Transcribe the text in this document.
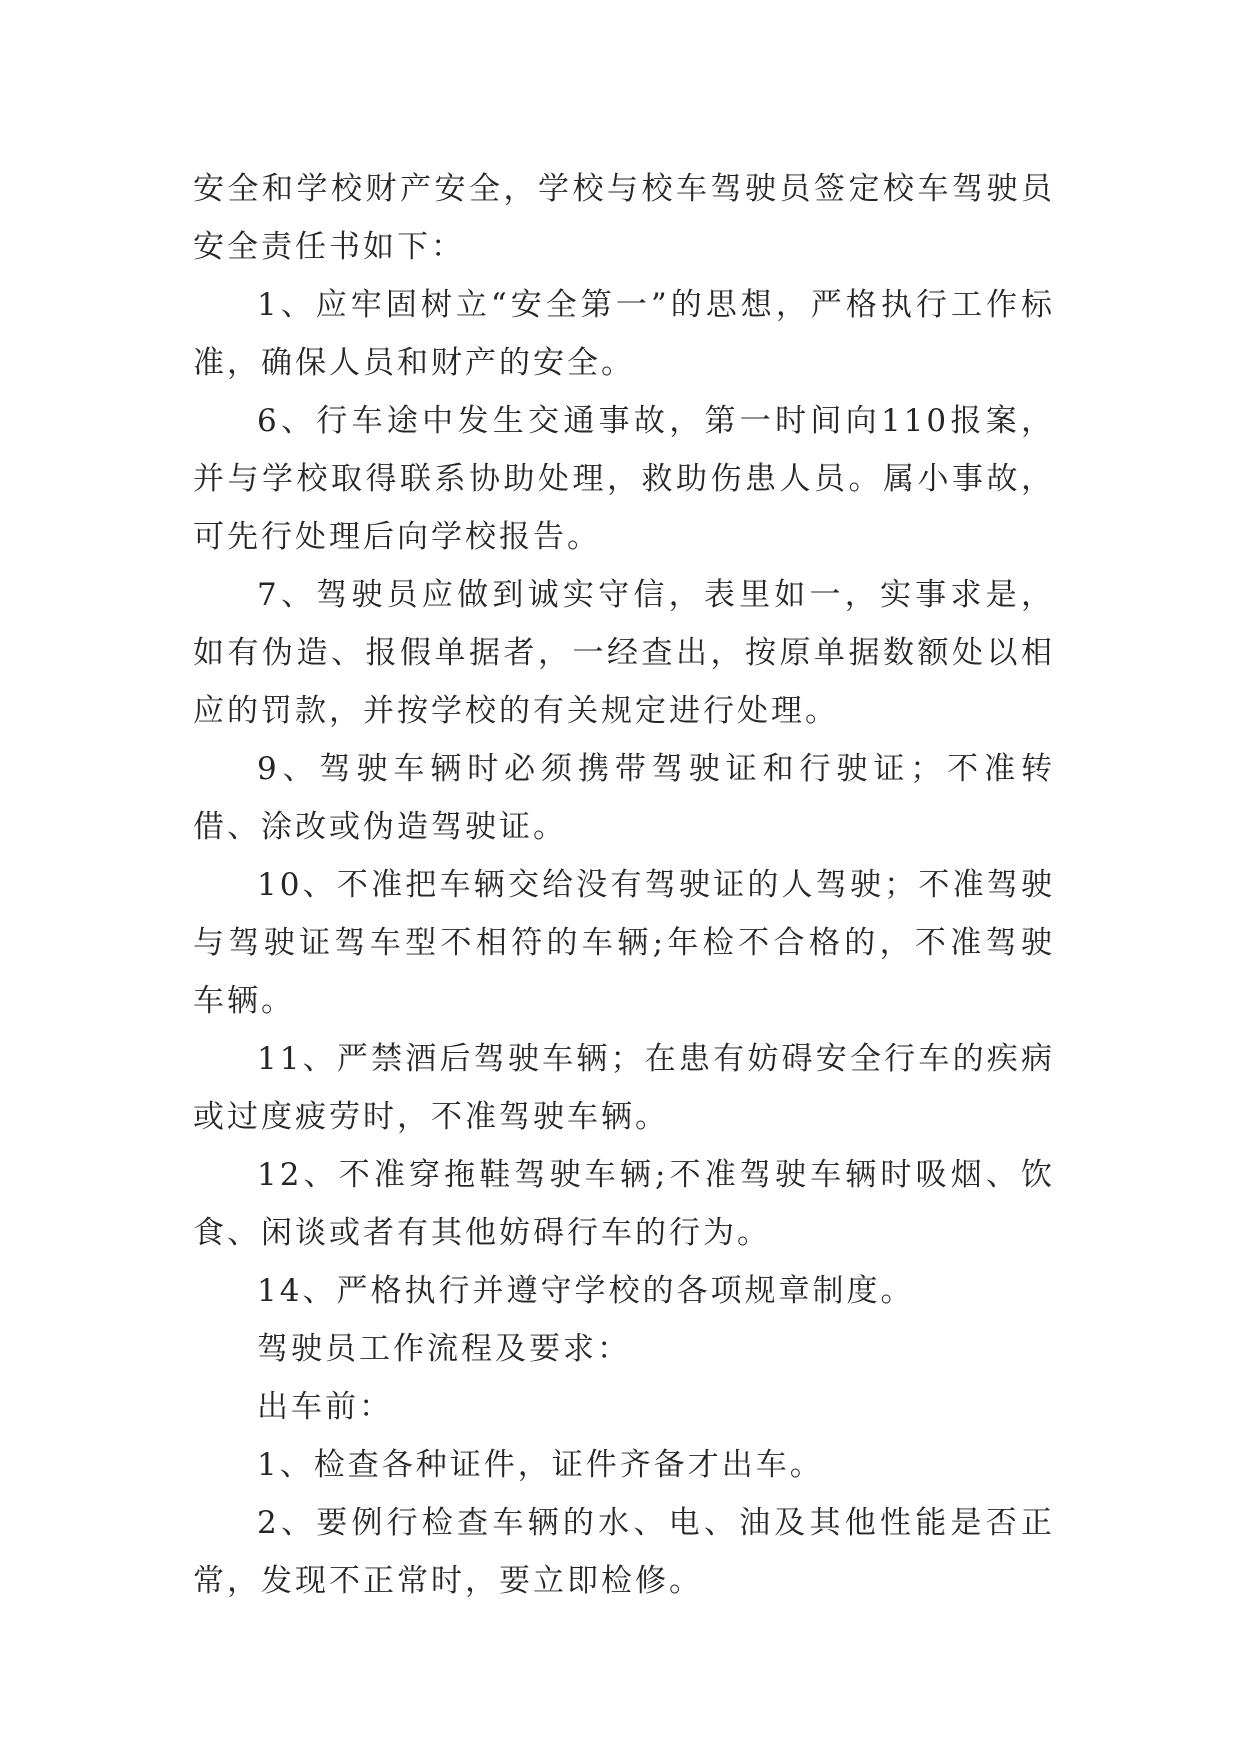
安全和学校财产安全，学校与校车驾驶员签定校车驾驶员安全责任书如下：

1、应牢固树立“安全第一”的思想，严格执行工作标准，确保人员和财产的安全。

6、行车途中发生交通事故，第一时间向110报案，并与学校取得联系协助处理，救助伤患人员。属小事故，可先行处理后向学校报告。

7、驾驶员应做到诚实守信，表里如一，实事求是，如有伪造、报假单据者，一经查出，按原单据数额处以相应的罚款，并按学校的有关规定进行处理。

9、驾驶车辆时必须携带驾驶证和行驶证；不准转借、涂改或伪造驾驶证。

10、不准把车辆交给没有驾驶证的人驾驶；不准驾驶与驾驶证驾车型不相符的车辆;年检不合格的，不准驾驶车辆。

11、严禁酒后驾驶车辆；在患有妨碍安全行车的疾病或过度疲劳时，不准驾驶车辆。

12、不准穿拖鞋驾驶车辆;不准驾驶车辆时吸烟、饮食、闲谈或者有其他妨碍行车的行为。

14、严格执行并遵守学校的各项规章制度。

驾驶员工作流程及要求：

出车前：

1、检查各种证件，证件齐备才出车。

2、要例行检查车辆的水、电、油及其他性能是否正常，发现不正常时，要立即检修。
